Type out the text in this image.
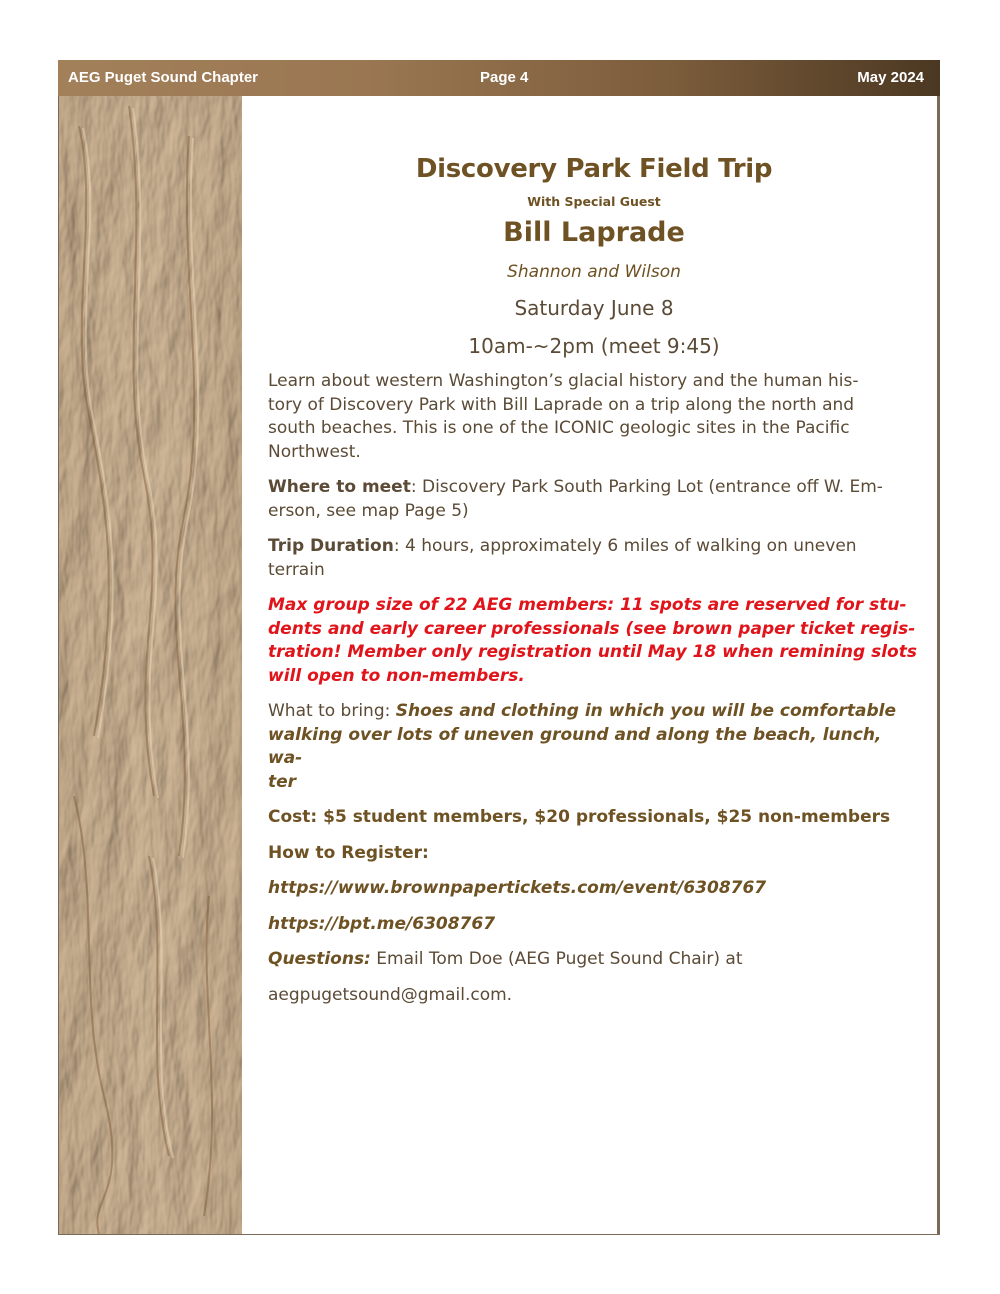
AEG Puget Sound Chapter	Page 4	May 2024
Discovery Park Field Trip
With Special Guest
Bill Laprade
Shannon and Wilson
Saturday June 8
10am-~2pm (meet 9:45)
Learn about western Washington’s glacial history and the human his-
tory of Discovery Park with Bill Laprade on a trip along the north and
south beaches. This is one of the ICONIC geologic sites in the Pacific
Northwest.
Where to meet: Discovery Park South Parking Lot (entrance off W. Em-
erson, see map Page 5)
Trip Duration: 4 hours, approximately 6 miles of walking on uneven
terrain
Max group size of 22 AEG members: 11 spots are reserved for stu-
dents and early career professionals (see brown paper ticket regis-
tration! Member only registration until May 18 when remining slots
will open to non-members.
What to bring: Shoes and clothing in which you will be comfortable
walking over lots of uneven ground and along the beach, lunch, wa-
ter
Cost: $5 student members, $20 professionals, $25 non-members
How to Register:
https://www.brownpapertickets.com/event/6308767
https://bpt.me/6308767
Questions: Email Tom Doe (AEG Puget Sound Chair) at
aegpugetsound@gmail.com.
